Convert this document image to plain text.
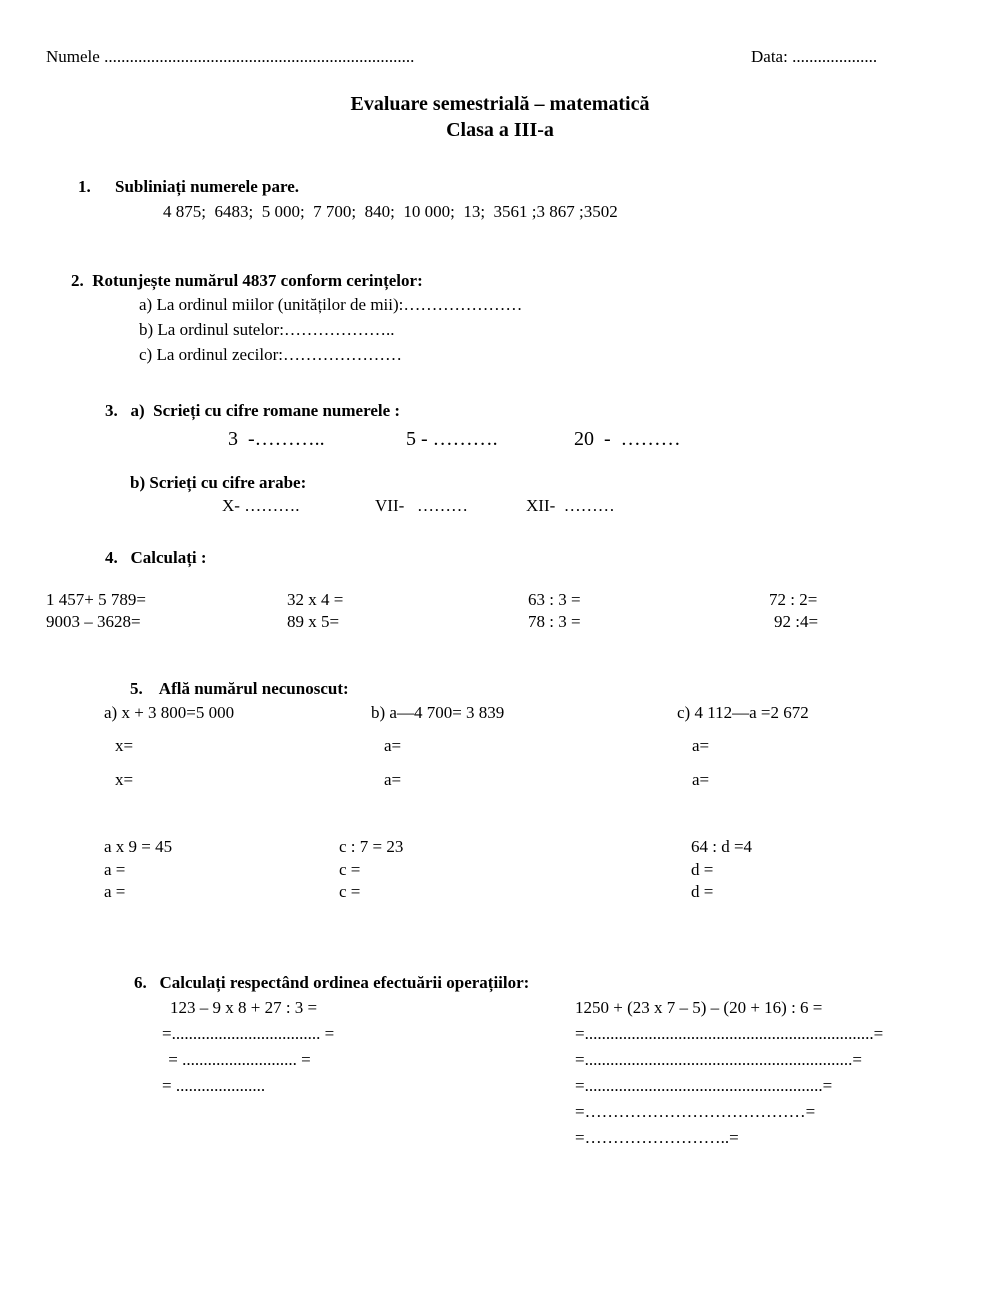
Numele .........................................................................	Data: ....................
Evaluare semestrială – matematică
Clasa a III-a
1. Subliniați numerele pare.
4 875;  6483;  5 000;  7 700;  840;  10 000;  13;  3561 ;3 867 ;3502
2.  Rotunjește numărul 4837 conform cerințelor:
a) La ordinul miilor (unităților de mii):…………………
b) La ordinul sutelor:………………..
c) La ordinul zecilor:…………………
3.   a)  Scrieți cu cifre romane numerele :
3  -………..	5 - ……….	20  -  ………
b) Scrieți cu cifre arabe:
X- ……….	VII-   ………	XII-  ………
4.   Calculați :
1 457+ 5 789=	32 x 4 =	63 : 3 =	72 : 2=
9003 – 3628=	89 x 5=	78 : 3 =	92 :4=
5.    Află numărul necunoscut:
a) x + 3 800=5 000	b) a—4 700= 3 839	c) 4 112—a =2 672
x=	a=	a=
x=	a=	a=
a x 9 = 45	c : 7 = 23	64 : d =4
a =	c =	d =
a =	c =	d =
6.   Calculați respectând ordinea efectuării operațiilor:
123 – 9 x 8 + 27 : 3 =
=................................... =
= ........................... =
= .....................
1250 + (23 x 7 – 5) – (20 + 16) : 6 =
=....................................................................=
=...............................................................=
=........................................................=
=…………………………………=
=……………………..=
